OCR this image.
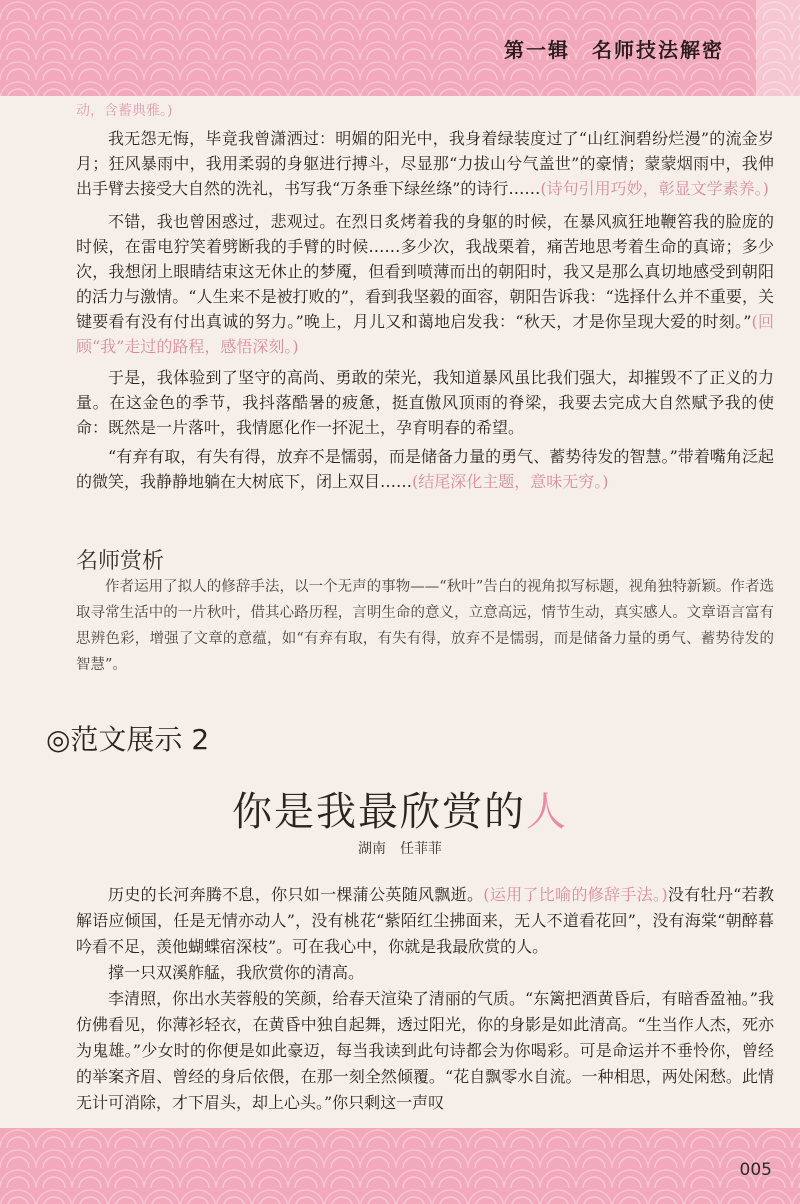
第一辑　名师技法解密
动，含蓄典雅。)

我无怨无悔，毕竟我曾潇洒过：明媚的阳光中，我身着绿装度过了“山红涧碧纷烂漫”的流金岁月；狂风暴雨中，我用柔弱的身躯进行搏斗，尽显那“力拔山兮气盖世”的豪情；蒙蒙烟雨中，我伸出手臂去接受大自然的洗礼，书写我“万条垂下绿丝绦”的诗行……(诗句引用巧妙，彰显文学素养。)

不错，我也曾困惑过，悲观过。在烈日炙烤着我的身躯的时候，在暴风疯狂地鞭笞我的脸庞的时候，在雷电狞笑着劈断我的手臂的时候……多少次，我战栗着，痛苦地思考着生命的真谛；多少次，我想闭上眼睛结束这无休止的梦魇，但看到喷薄而出的朝阳时，我又是那么真切地感受到朝阳的活力与激情。“人生来不是被打败的”，看到我坚毅的面容，朝阳告诉我：“选择什么并不重要，关键要看有没有付出真诚的努力。”晚上，月儿又和蔼地启发我：“秋天，才是你呈现大爱的时刻。”(回顾“我”走过的路程，感悟深刻。)

于是，我体验到了坚守的高尚、勇敢的荣光，我知道暴风虽比我们强大，却摧毁不了正义的力量。在这金色的季节，我抖落酷暑的疲惫，挺直傲风顶雨的脊梁，我要去完成大自然赋予我的使命：既然是一片落叶，我情愿化作一抔泥土，孕育明春的希望。

“有弃有取，有失有得，放弃不是懦弱，而是储备力量的勇气、蓄势待发的智慧。”带着嘴角泛起的微笑，我静静地躺在大树底下，闭上双目……(结尾深化主题，意味无穷。)

名师赏析

作者运用了拟人的修辞手法，以一个无声的事物——“秋叶”告白的视角拟写标题，视角独特新颖。作者选取寻常生活中的一片秋叶，借其心路历程，言明生命的意义，立意高远，情节生动，真实感人。文章语言富有思辨色彩，增强了文章的意蕴，如“有弃有取，有失有得，放弃不是懦弱，而是储备力量的勇气、蓄势待发的智慧”。

◎范文展示 2
你是我最欣赏的人
湖南　任菲菲

历史的长河奔腾不息，你只如一棵蒲公英随风飘逝。(运用了比喻的修辞手法。)没有牡丹“若教解语应倾国，任是无情亦动人”，没有桃花“紫陌红尘拂面来，无人不道看花回”，没有海棠“朝醉暮吟看不足，羡他蝴蝶宿深枝”。可在我心中，你就是我最欣赏的人。

撑一只双溪舴艋，我欣赏你的清高。

李清照，你出水芙蓉般的笑颜，给春天渲染了清丽的气质。“东篱把酒黄昏后，有暗香盈袖。”我仿佛看见，你薄衫轻衣，在黄昏中独自起舞，透过阳光，你的身影是如此清高。“生当作人杰，死亦为鬼雄。”少女时的你便是如此豪迈，每当我读到此句诗都会为你喝彩。可是命运并不垂怜你，曾经的举案齐眉、曾经的身后依偎，在那一刻全然倾覆。“花自飘零水自流。一种相思，两处闲愁。此情无计可消除，才下眉头，却上心头。”你只剩这一声叹

005
